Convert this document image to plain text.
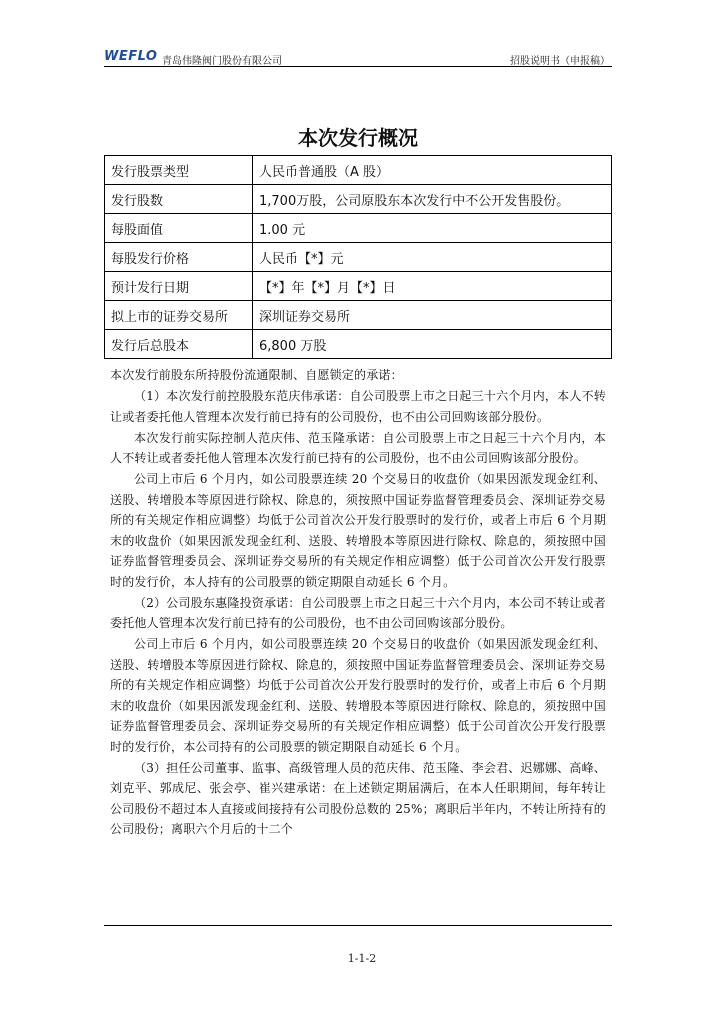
WEFLO 青岛伟隆阀门股份有限公司	招股说明书（申报稿）
本次发行概况
发行股票类型	人民币普通股（A 股）
发行股数	1,700万股，公司原股东本次发行中不公开发售股份。
每股面值	1.00 元
每股发行价格	人民币【*】元
预计发行日期	【*】年【*】月【*】日
拟上市的证券交易所	深圳证券交易所
发行后总股本	6,800 万股

本次发行前股东所持股份流通限制、自愿锁定的承诺：

（1）本次发行前控股股东范庆伟承诺：自公司股票上市之日起三十六个月内，本人不转让或者委托他人管理本次发行前已持有的公司股份，也不由公司回购该部分股份。

本次发行前实际控制人范庆伟、范玉隆承诺：自公司股票上市之日起三十六个月内，本人不转让或者委托他人管理本次发行前已持有的公司股份，也不由公司回购该部分股份。

公司上市后 6 个月内，如公司股票连续 20 个交易日的收盘价（如果因派发现金红利、送股、转增股本等原因进行除权、除息的，须按照中国证券监督管理委员会、深圳证券交易所的有关规定作相应调整）均低于公司首次公开发行股票时的发行价，或者上市后 6 个月期末的收盘价（如果因派发现金红利、送股、转增股本等原因进行除权、除息的，须按照中国证券监督管理委员会、深圳证券交易所的有关规定作相应调整）低于公司首次公开发行股票时的发行价，本人持有的公司股票的锁定期限自动延长 6 个月。

（2）公司股东惠隆投资承诺：自公司股票上市之日起三十六个月内，本公司不转让或者委托他人管理本次发行前已持有的公司股份，也不由公司回购该部分股份。

公司上市后 6 个月内，如公司股票连续 20 个交易日的收盘价（如果因派发现金红利、送股、转增股本等原因进行除权、除息的，须按照中国证券监督管理委员会、深圳证券交易所的有关规定作相应调整）均低于公司首次公开发行股票时的发行价，或者上市后 6 个月期末的收盘价（如果因派发现金红利、送股、转增股本等原因进行除权、除息的，须按照中国证券监督管理委员会、深圳证券交易所的有关规定作相应调整）低于公司首次公开发行股票时的发行价，本公司持有的公司股票的锁定期限自动延长 6 个月。

（3）担任公司董事、监事、高级管理人员的范庆伟、范玉隆、李会君、迟娜娜、高峰、刘克平、郭成尼、张会亭、崔兴建承诺：在上述锁定期届满后，在本人任职期间，每年转让公司股份不超过本人直接或间接持有公司股份总数的 25%；离职后半年内，不转让所持有的公司股份；离职六个月后的十二个

1-1-2
